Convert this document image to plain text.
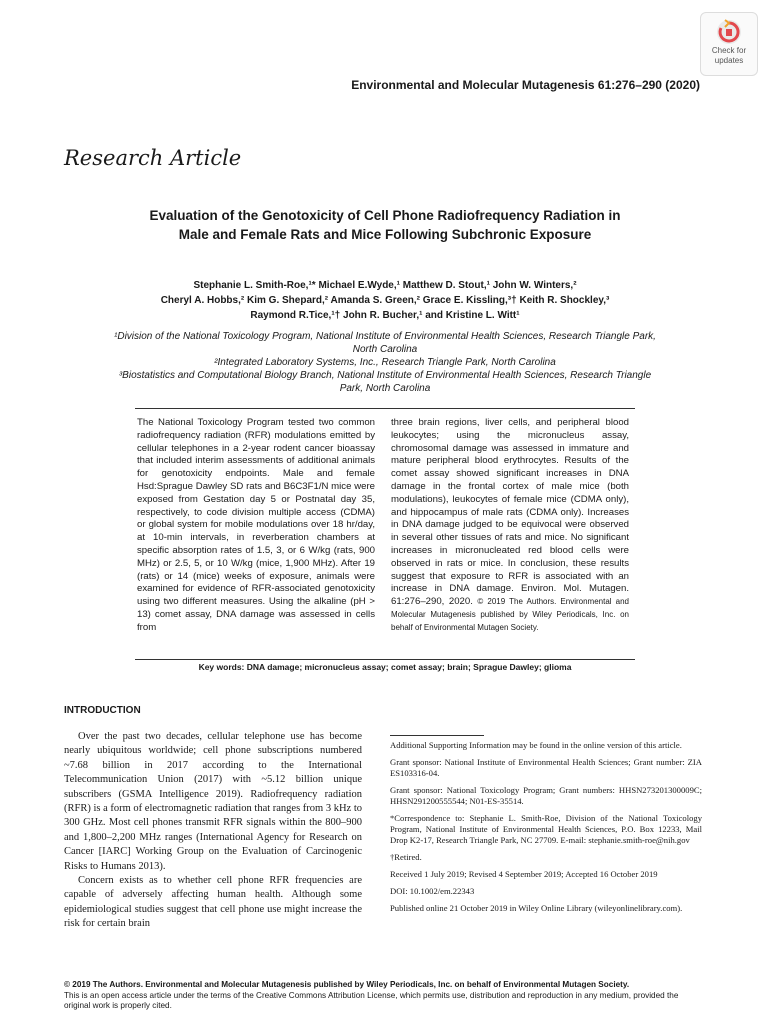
Check for
updates
Environmental and Molecular Mutagenesis 61:276–290 (2020)
Research Article
Evaluation of the Genotoxicity of Cell Phone Radiofrequency Radiation in Male and Female Rats and Mice Following Subchronic Exposure
Stephanie L. Smith-Roe,¹* Michael E.Wyde,¹ Matthew D. Stout,¹ John W. Winters,²
Cheryl A. Hobbs,² Kim G. Shepard,² Amanda S. Green,² Grace E. Kissling,³† Keith R. Shockley,³
Raymond R.Tice,¹† John R. Bucher,¹ and Kristine L. Witt¹
¹Division of the National Toxicology Program, National Institute of Environmental Health Sciences, Research Triangle Park, North Carolina
²Integrated Laboratory Systems, Inc., Research Triangle Park, North Carolina
³Biostatistics and Computational Biology Branch, National Institute of Environmental Health Sciences, Research Triangle Park, North Carolina
The National Toxicology Program tested two common radiofrequency radiation (RFR) modulations emitted by cellular telephones in a 2-year rodent cancer bioassay that included interim assessments of additional animals for genotoxicity endpoints. Male and female Hsd:Sprague Dawley SD rats and B6C3F1/N mice were exposed from Gestation day 5 or Postnatal day 35, respectively, to code division multiple access (CDMA) or global system for mobile modulations over 18 hr/day, at 10-min intervals, in reverberation chambers at specific absorption rates of 1.5, 3, or 6 W/kg (rats, 900 MHz) or 2.5, 5, or 10 W/kg (mice, 1,900 MHz). After 19 (rats) or 14 (mice) weeks of exposure, animals were examined for evidence of RFR-associated genotoxicity using two different measures. Using the alkaline (pH > 13) comet assay, DNA damage was assessed in cells from
three brain regions, liver cells, and peripheral blood leukocytes; using the micronucleus assay, chromosomal damage was assessed in immature and mature peripheral blood erythrocytes. Results of the comet assay showed significant increases in DNA damage in the frontal cortex of male mice (both modulations), leukocytes of female mice (CDMA only), and hippocampus of male rats (CDMA only). Increases in DNA damage judged to be equivocal were observed in several other tissues of rats and mice. No significant increases in micronucleated red blood cells were observed in rats or mice. In conclusion, these results suggest that exposure to RFR is associated with an increase in DNA damage. Environ. Mol. Mutagen. 61:276–290, 2020. © 2019 The Authors. Environmental and Molecular Mutagenesis published by Wiley Periodicals, Inc. on behalf of Environmental Mutagen Society.
Key words: DNA damage; micronucleus assay; comet assay; brain; Sprague Dawley; glioma
INTRODUCTION

Over the past two decades, cellular telephone use has become nearly ubiquitous worldwide; cell phone subscriptions numbered ~7.68 billion in 2017 according to the International Telecommunication Union (2017) with ~5.12 billion unique subscribers (GSMA Intelligence 2019). Radiofrequency radiation (RFR) is a form of electromagnetic radiation that ranges from 3 kHz to 300 GHz. Most cell phones transmit RFR signals within the 800–900 and 1,800–2,200 MHz ranges (International Agency for Research on Cancer [IARC] Working Group on the Evaluation of Carcinogenic Risks to Humans 2013).

Concern exists as to whether cell phone RFR frequencies are capable of adversely affecting human health. Although some epidemiological studies suggest that cell phone use might increase the risk for certain brain

Additional Supporting Information may be found in the online version of this article.

Grant sponsor: National Institute of Environmental Health Sciences; Grant number: ZIA ES103316-04.

Grant sponsor: National Toxicology Program; Grant numbers: HHSN273201300009C; HHSN291200555544; N01-ES-35514.

*Correspondence to: Stephanie L. Smith-Roe, Division of the National Toxicology Program, National Institute of Environmental Health Sciences, P.O. Box 12233, Mail Drop K2-17, Research Triangle Park, NC 27709. E-mail: stephanie.smith-roe@nih.gov

†Retired.

Received 1 July 2019; Revised 4 September 2019; Accepted 16 October 2019

DOI: 10.1002/em.22343

Published online 21 October 2019 in Wiley Online Library (wileyonlinelibrary.com).

© 2019 The Authors. Environmental and Molecular Mutagenesis published by Wiley Periodicals, Inc. on behalf of Environmental Mutagen Society.
This is an open access article under the terms of the Creative Commons Attribution License, which permits use, distribution and reproduction in any medium, provided the original work is properly cited.
